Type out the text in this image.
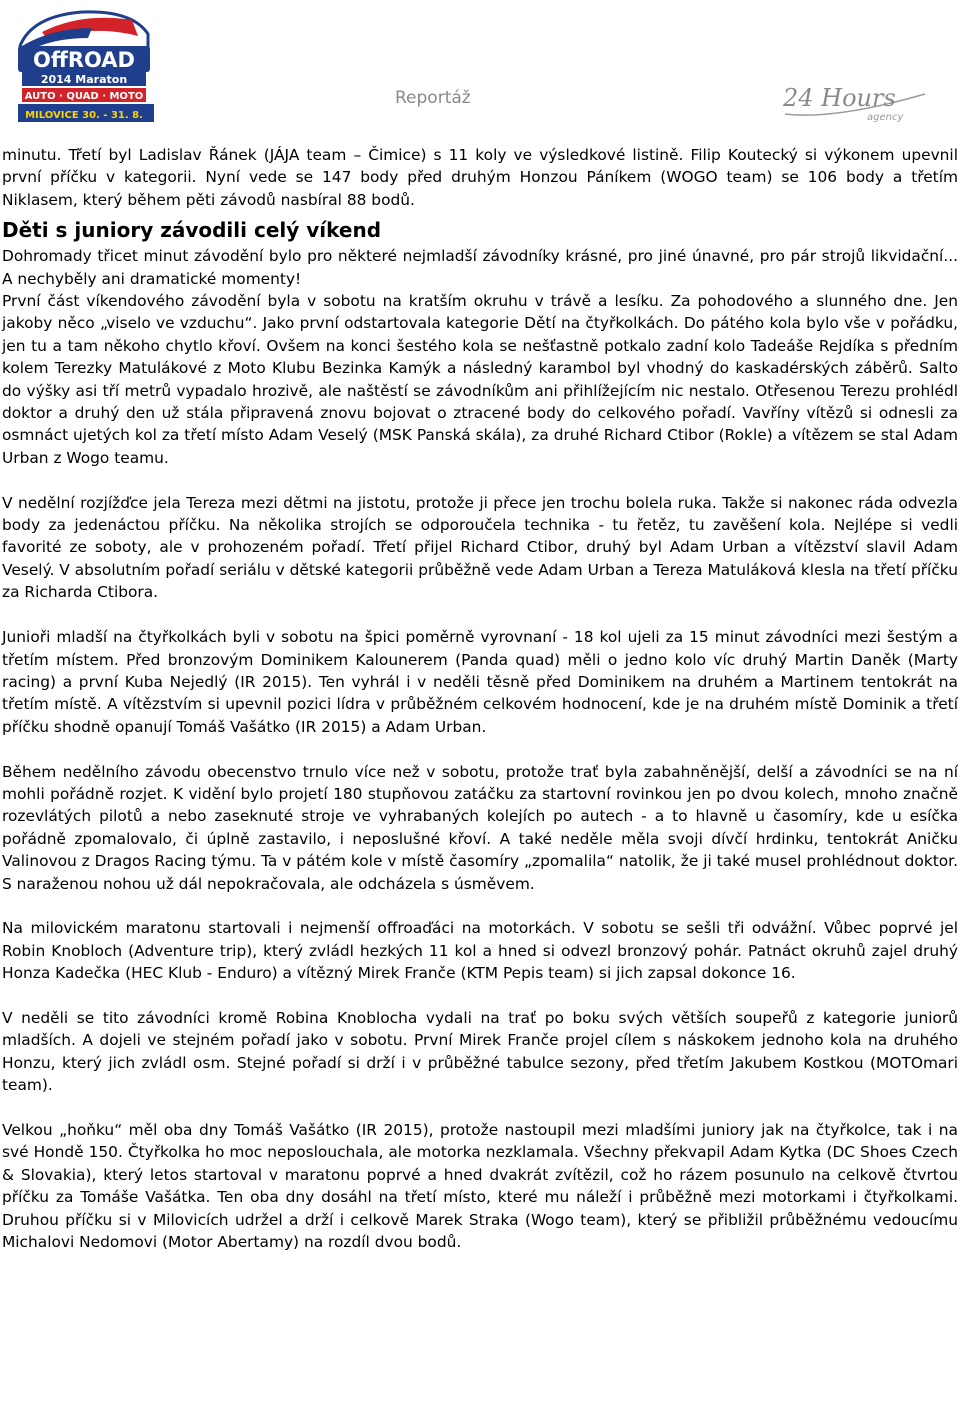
OffROAD
2014 Maraton
AUTO · QUAD · MOTO
MILOVICE 30. - 31. 8.
Reportáž	24 Hours
agency

minutu. Třetí byl Ladislav Řánek (JÁJA team – Čimice) s 11 koly ve výsledkové listině. Filip Koutecký si výkonem upevnil první příčku v kategorii. Nyní vede se 147 body před druhým Honzou Páníkem (WOGO team) se 106 body a třetím Niklasem, který během pěti závodů nasbíral 88 bodů.

Děti s juniory závodili celý víkend

Dohromady třicet minut závodění bylo pro některé nejmladší závodníky krásné, pro jiné únavné, pro pár strojů likvidační... A nechyběly ani dramatické momenty!

První část víkendového závodění byla v sobotu na kratším okruhu v trávě a lesíku. Za pohodového a slunného dne. Jen jakoby něco „viselo ve vzduchu“. Jako první odstartovala kategorie Dětí na čtyřkolkách. Do pátého kola bylo vše v pořádku, jen tu a tam někoho chytlo křoví. Ovšem na konci šestého kola se nešťastně potkalo zadní kolo Tadeáše Rejdíka s předním kolem Terezky Matulákové z Moto Klubu Bezinka Kamýk a následný karambol byl vhodný do kaskadérských záběrů. Salto do výšky asi tří metrů vypadalo hrozivě, ale naštěstí se závodníkům ani přihlížejícím nic nestalo. Otřesenou Terezu prohlédl doktor a druhý den už stála připravená znovu bojovat o ztracené body do celkového pořadí. Vavříny vítězů si odnesli za osmnáct ujetých kol za třetí místo Adam Veselý (MSK Panská skála), za druhé Richard Ctibor (Rokle) a vítězem se stal Adam Urban z Wogo teamu.

V nedělní rozjížďce jela Tereza mezi dětmi na jistotu, protože ji přece jen trochu bolela ruka. Takže si nakonec ráda odvezla body za jedenáctou příčku. Na několika strojích se odporoučela technika - tu řetěz, tu zavěšení kola. Nejlépe si vedli favorité ze soboty, ale v prohozeném pořadí. Třetí přijel Richard Ctibor, druhý byl Adam Urban a vítězství slavil Adam Veselý. V absolutním pořadí seriálu v dětské kategorii průběžně vede Adam Urban a Tereza Matuláková klesla na třetí příčku za Richarda Ctibora.

Junioři mladší na čtyřkolkách byli v sobotu na špici poměrně vyrovnaní - 18 kol ujeli za 15 minut závodníci mezi šestým a třetím místem. Před bronzovým Dominikem Kalounerem (Panda quad) měli o jedno kolo víc druhý Martin Daněk (Marty racing) a první Kuba Nejedlý (IR 2015). Ten vyhrál i v neděli těsně před Dominikem na druhém a Martinem tentokrát na třetím místě. A vítězstvím si upevnil pozici lídra v průběžném celkovém hodnocení, kde je na druhém místě Dominik a třetí příčku shodně opanují Tomáš Vašátko (IR 2015) a Adam Urban.

Během nedělního závodu obecenstvo trnulo více než v sobotu, protože trať byla zabahněnější, delší a závodníci se na ní mohli pořádně rozjet. K vidění bylo projetí 180 stupňovou zatáčku za startovní rovinkou jen po dvou kolech, mnoho značně rozevlátých pilotů a nebo zaseknuté stroje ve vyhrabaných kolejích po autech - a to hlavně u časomíry, kde u esíčka pořádně zpomalovalo, či úplně zastavilo, i neposlušné křoví. A také neděle měla svoji dívčí hrdinku, tentokrát Aničku Valinovou z Dragos Racing týmu. Ta v pátém kole v místě časomíry „zpomalila“ natolik, že ji také musel prohlédnout doktor. S naraženou nohou už dál nepokračovala, ale odcházela s úsměvem.

Na milovickém maratonu startovali i nejmenší offroaďáci na motorkách. V sobotu se sešli tři odvážní. Vůbec poprvé jel Robin Knobloch (Adventure trip), který zvládl hezkých 11 kol a hned si odvezl bronzový pohár. Patnáct okruhů zajel druhý Honza Kadečka (HEC Klub - Enduro) a vítězný Mirek Franče (KTM Pepis team) si jich zapsal dokonce 16.

V neděli se tito závodníci kromě Robina Knoblocha vydali na trať po boku svých větších soupeřů z kategorie juniorů mladších. A dojeli ve stejném pořadí jako v sobotu. První Mirek Franče projel cílem s náskokem jednoho kola na druhého Honzu, který jich zvládl osm. Stejné pořadí si drží i v průběžné tabulce sezony, před třetím Jakubem Kostkou (MOTOmari team).

Velkou „hoňku“ měl oba dny Tomáš Vašátko (IR 2015), protože nastoupil mezi mladšími juniory jak na čtyřkolce, tak i na své Hondě 150. Čtyřkolka ho moc neposlouchala, ale motorka nezklamala. Všechny překvapil Adam Kytka (DC Shoes Czech & Slovakia), který letos startoval v maratonu poprvé a hned dvakrát zvítězil, což ho rázem posunulo na celkově čtvrtou příčku za Tomáše Vašátka. Ten oba dny dosáhl na třetí místo, které mu náleží i průběžně mezi motorkami i čtyřkolkami. Druhou příčku si v Milovicích udržel a drží i celkově Marek Straka (Wogo team), který se přibližil průběžnému vedoucímu Michalovi Nedomovi (Motor Abertamy) na rozdíl dvou bodů.
